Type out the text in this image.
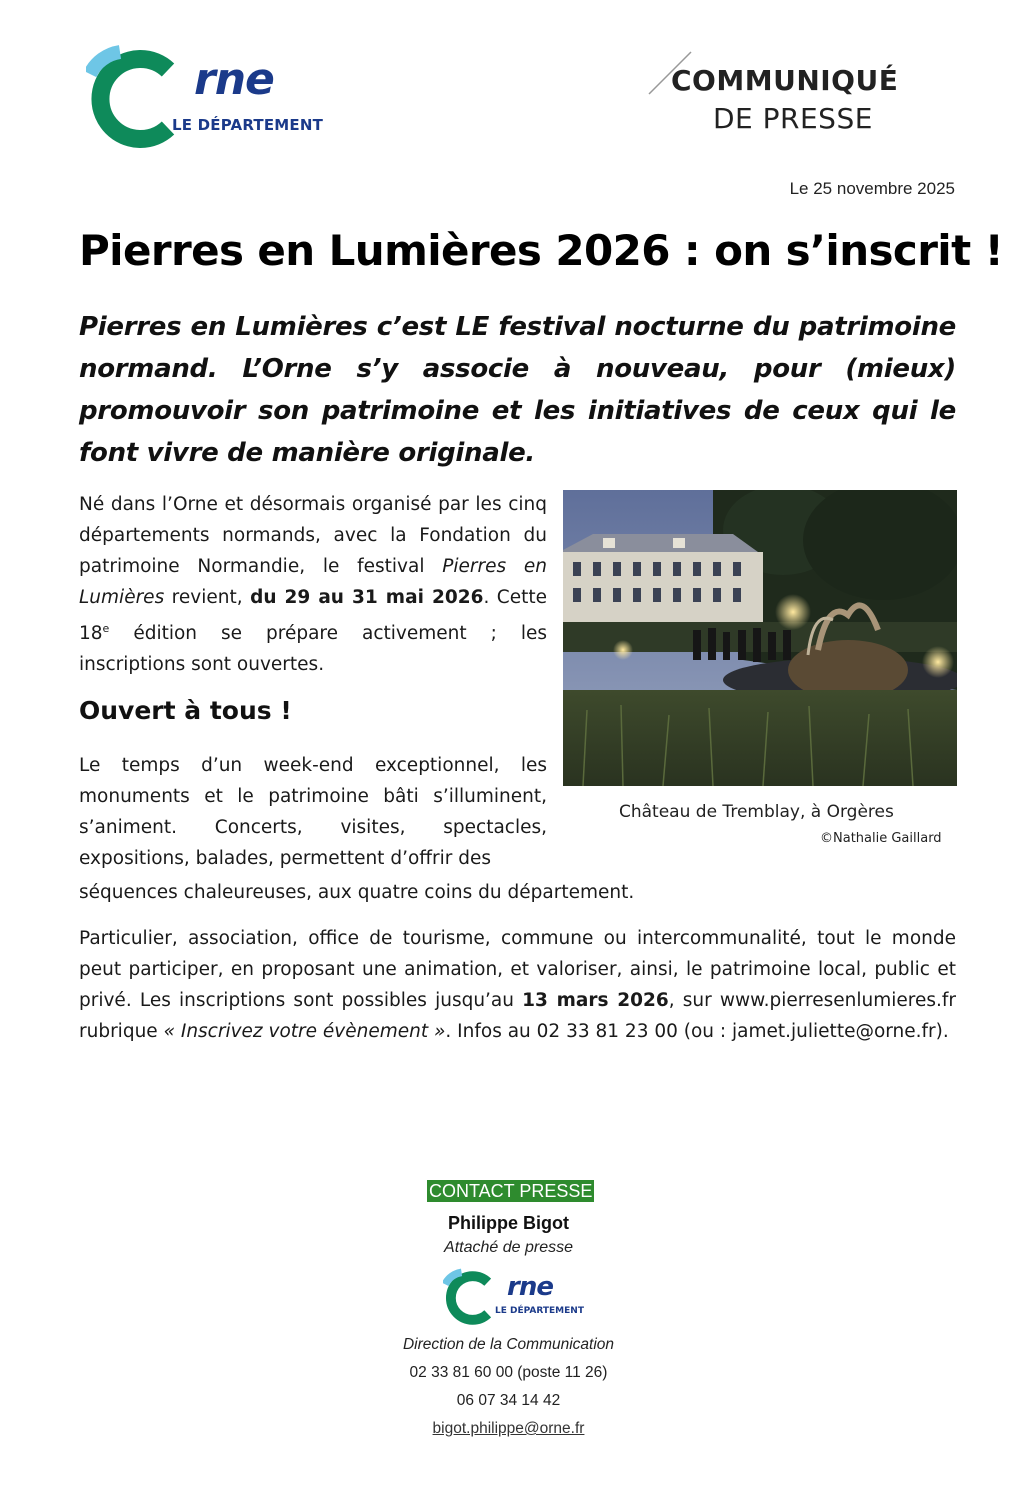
rne
LE DÉPARTEMENT
COMMUNIQUÉ
DE PRESSE
Le 25 novembre 2025
Pierres en Lumières 2026 : on s’inscrit !
Pierres en Lumières c’est LE festival nocturne du patrimoine normand. L’Orne s’y associe à nouveau, pour (mieux) promouvoir son patrimoine et les initiatives de ceux qui le font vivre de manière originale.
Né dans l’Orne et désormais organisé par les cinq départements normands, avec la Fondation du patrimoine Normandie, le festival Pierres en Lumières revient, du 29 au 31 mai 2026. Cette 18e édition se prépare activement ; les inscriptions sont ouvertes.
Ouvert à tous !
Le temps d’un week-end exceptionnel, les monuments et le patrimoine bâti s’illuminent, s’animent. Concerts, visites, spectacles, expositions, balades, permettent d’offrir des
séquences chaleureuses, aux quatre coins du département.
Particulier, association, office de tourisme, commune ou intercommunalité, tout le monde peut participer, en proposant une animation, et valoriser, ainsi, le patrimoine local, public et privé. Les inscriptions sont possibles jusqu’au 13 mars 2026, sur www.pierresenlumieres.fr rubrique « Inscrivez votre évènement ». Infos au 02 33 81 23 00 (ou : jamet.juliette@orne.fr).
Château de Tremblay, à Orgères
©Nathalie Gaillard
CONTACT PRESSE
Philippe Bigot
Attaché de presse
rne
LE DÉPARTEMENT
Direction de la Communication
02 33 81 60 00 (poste 11 26)
06 07 34 14 42
bigot.philippe@orne.fr
